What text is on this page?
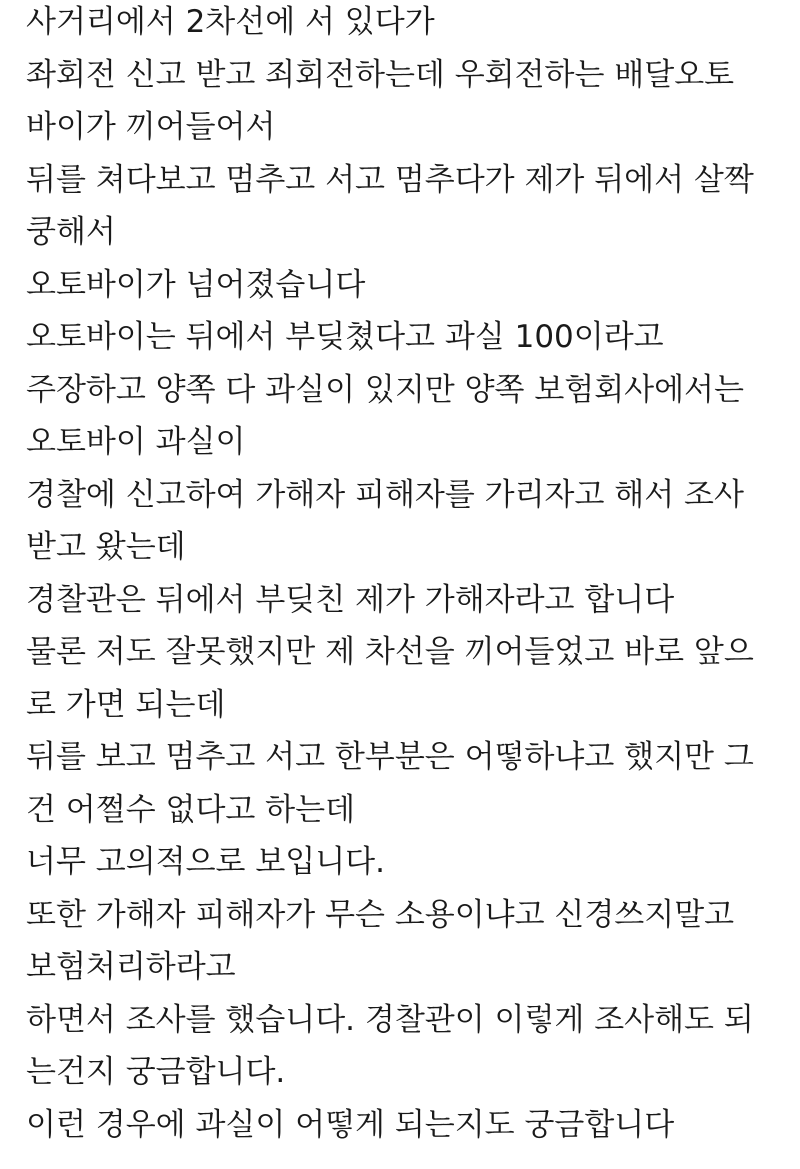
사거리에서 2차선에 서 있다가
좌회전 신고 받고 죄회전하는데 우회전하는 배달오토
바이가 끼어들어서
뒤를 쳐다보고 멈추고 서고 멈추다가 제가 뒤에서 살짝
쿵해서
오토바이가 넘어졌습니다
오토바이는 뒤에서 부딪쳤다고 과실 100이라고
주장하고 양쪽 다 과실이 있지만 양쪽 보험회사에서는
오토바이 과실이
경찰에 신고하여 가해자 피해자를 가리자고 해서 조사
받고 왔는데
경찰관은 뒤에서 부딪친 제가 가해자라고 합니다
물론 저도 잘못했지만 제 차선을 끼어들었고 바로 앞으
로 가면 되는데
뒤를 보고 멈추고 서고 한부분은 어떻하냐고 했지만 그
건 어쩔수 없다고 하는데
너무 고의적으로 보입니다.
또한 가해자 피해자가 무슨 소용이냐고 신경쓰지말고
보험처리하라고
하면서 조사를 했습니다. 경찰관이 이렇게 조사해도 되
는건지 궁금합니다.
이런 경우에 과실이 어떻게 되는지도 궁금합니다
